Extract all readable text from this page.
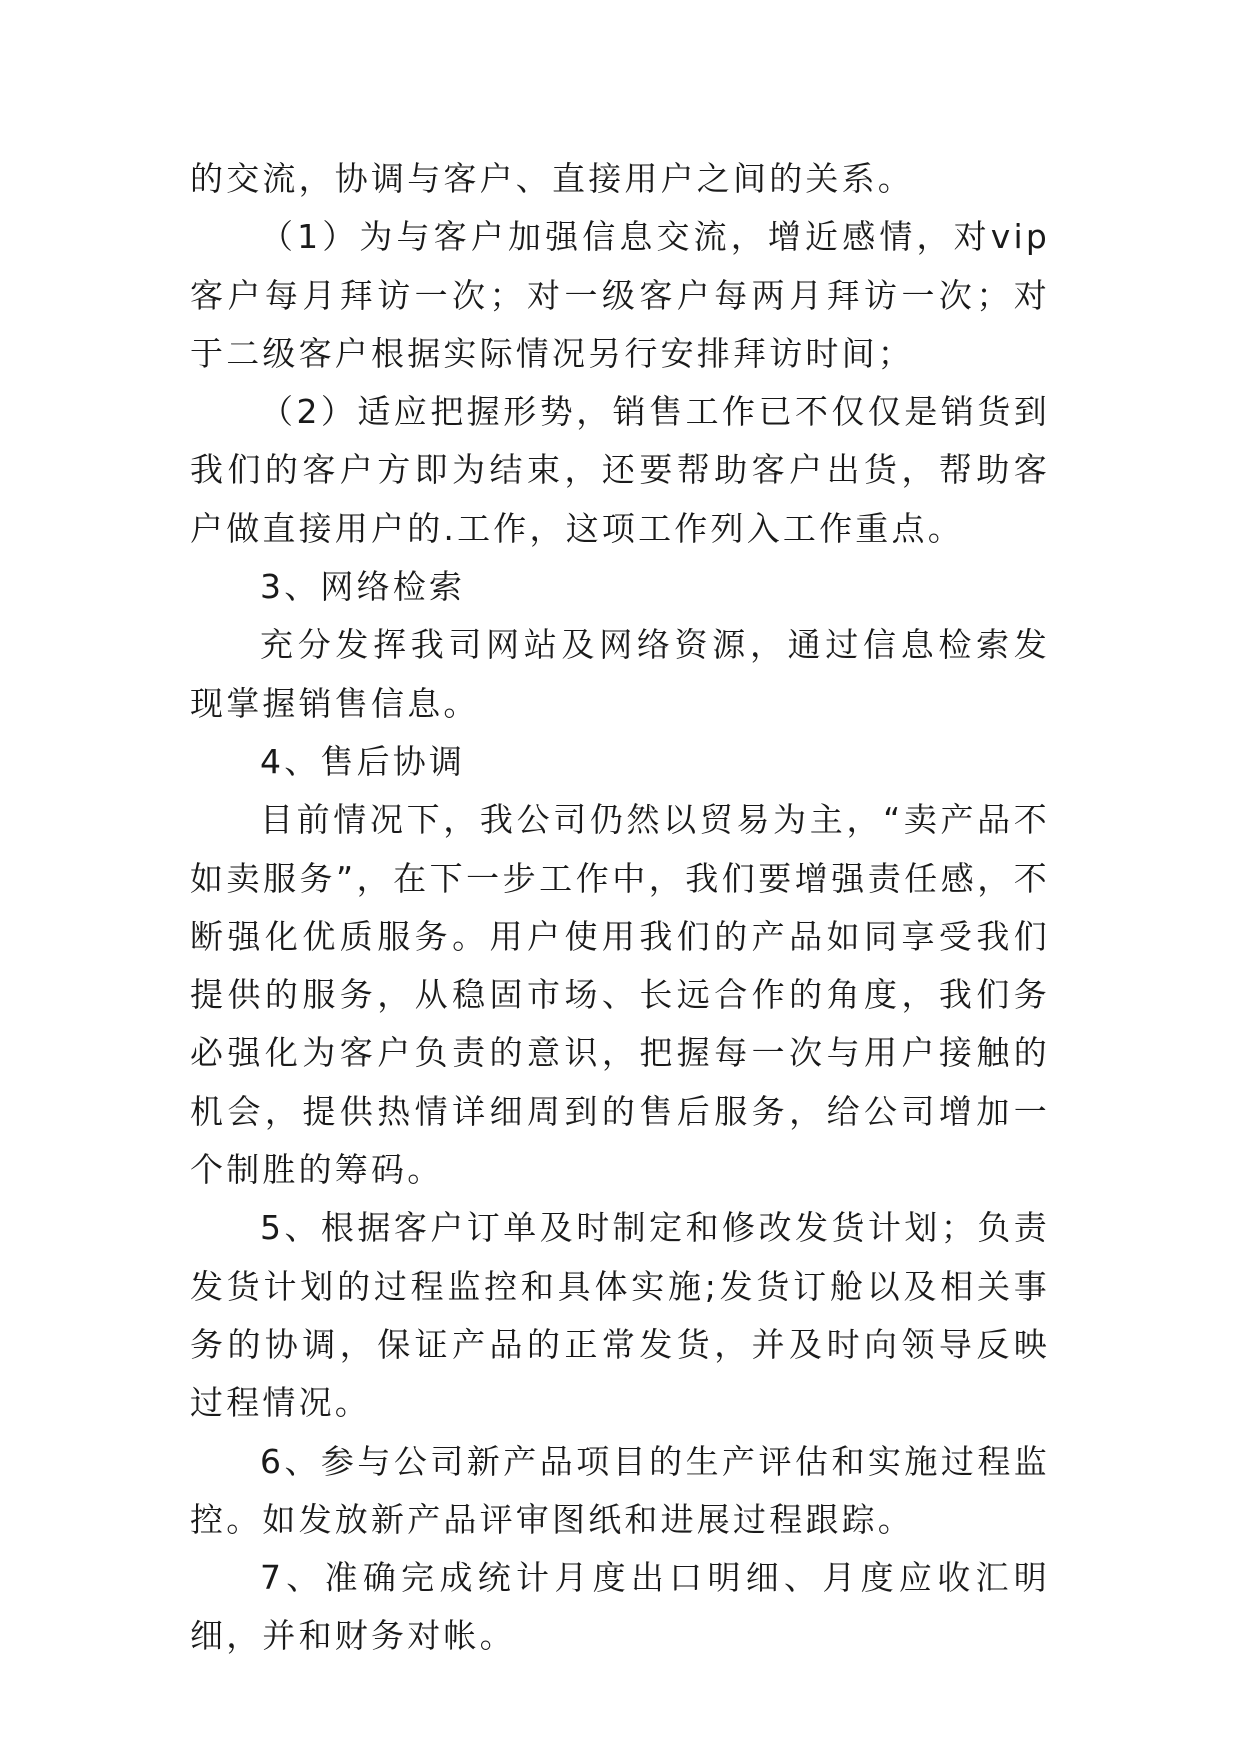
的交流，协调与客户、直接用户之间的关系。

（1）为与客户加强信息交流，增近感情，对vip客户每月拜访一次；对一级客户每两月拜访一次；对于二级客户根据实际情况另行安排拜访时间；

（2）适应把握形势，销售工作已不仅仅是销货到我们的客户方即为结束，还要帮助客户出货，帮助客户做直接用户的.工作，这项工作列入工作重点。

3、网络检索

充分发挥我司网站及网络资源，通过信息检索发现掌握销售信息。

4、售后协调

目前情况下，我公司仍然以贸易为主，“卖产品不如卖服务”，在下一步工作中，我们要增强责任感，不断强化优质服务。用户使用我们的产品如同享受我们提供的服务，从稳固市场、长远合作的角度，我们务必强化为客户负责的意识，把握每一次与用户接触的机会，提供热情详细周到的售后服务，给公司增加一个制胜的筹码。

5、根据客户订单及时制定和修改发货计划；负责发货计划的过程监控和具体实施;发货订舱以及相关事务的协调，保证产品的正常发货，并及时向领导反映过程情况。

6、参与公司新产品项目的生产评估和实施过程监控。如发放新产品评审图纸和进展过程跟踪。

7、准确完成统计月度出口明细、月度应收汇明细，并和财务对帐。
